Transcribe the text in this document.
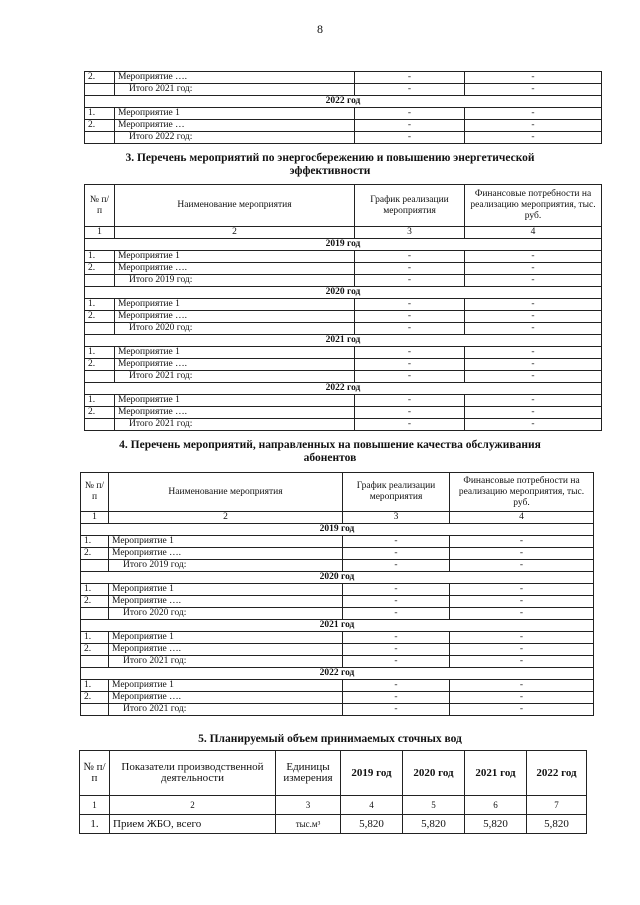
8
2.	Мероприятие ….	-	-
	Итого 2021 год:	-	-
2022 год			
1.	Мероприятие 1	-	-
2.	Мероприятие …	-	-
	Итого 2022 год:	-	-
3. Перечень мероприятий по энергосбережению и повышению энергетической
эффективности
№ п/п	Наименование мероприятия	График реализации мероприятия	Финансовые потребности на реализацию мероприятия, тыс. руб.
1	2	3	4
2019 год			
1.	Мероприятие 1	-	-
2.	Мероприятие ….	-	-
	Итого 2019 год:	-	-
2020 год			
1.	Мероприятие 1	-	-
2.	Мероприятие ….	-	-
	Итого 2020 год:	-	-
2021 год			
1.	Мероприятие 1	-	-
2.	Мероприятие ….	-	-
	Итого 2021 год:	-	-
2022 год			
1.	Мероприятие 1	-	-
2.	Мероприятие ….	-	-
	Итого 2021 год:	-	-
4. Перечень мероприятий, направленных на повышение качества обслуживания
абонентов
№ п/п	Наименование мероприятия	График реализации мероприятия	Финансовые потребности на реализацию мероприятия, тыс. руб.
1	2	3	4
2019 год			
1.	Мероприятие 1	-	-
2.	Мероприятие ….	-	-
	Итого 2019 год:	-	-
2020 год			
1.	Мероприятие 1	-	-
2.	Мероприятие ….	-	-
	Итого 2020 год:	-	-
2021 год			
1.	Мероприятие 1	-	-
2.	Мероприятие ….	-	-
	Итого 2021 год:	-	-
2022 год			
1.	Мероприятие 1	-	-
2.	Мероприятие ….	-	-
	Итого 2021 год:	-	-
5. Планируемый объем принимаемых сточных вод
№ п/п	Показатели производственной деятельности	Единицы измерения	2019 год	2020 год	2021 год	2022 год
1	2	3	4	5	6	7
1.	Прием ЖБО, всего	тыс.м³	5,820	5,820	5,820	5,820
